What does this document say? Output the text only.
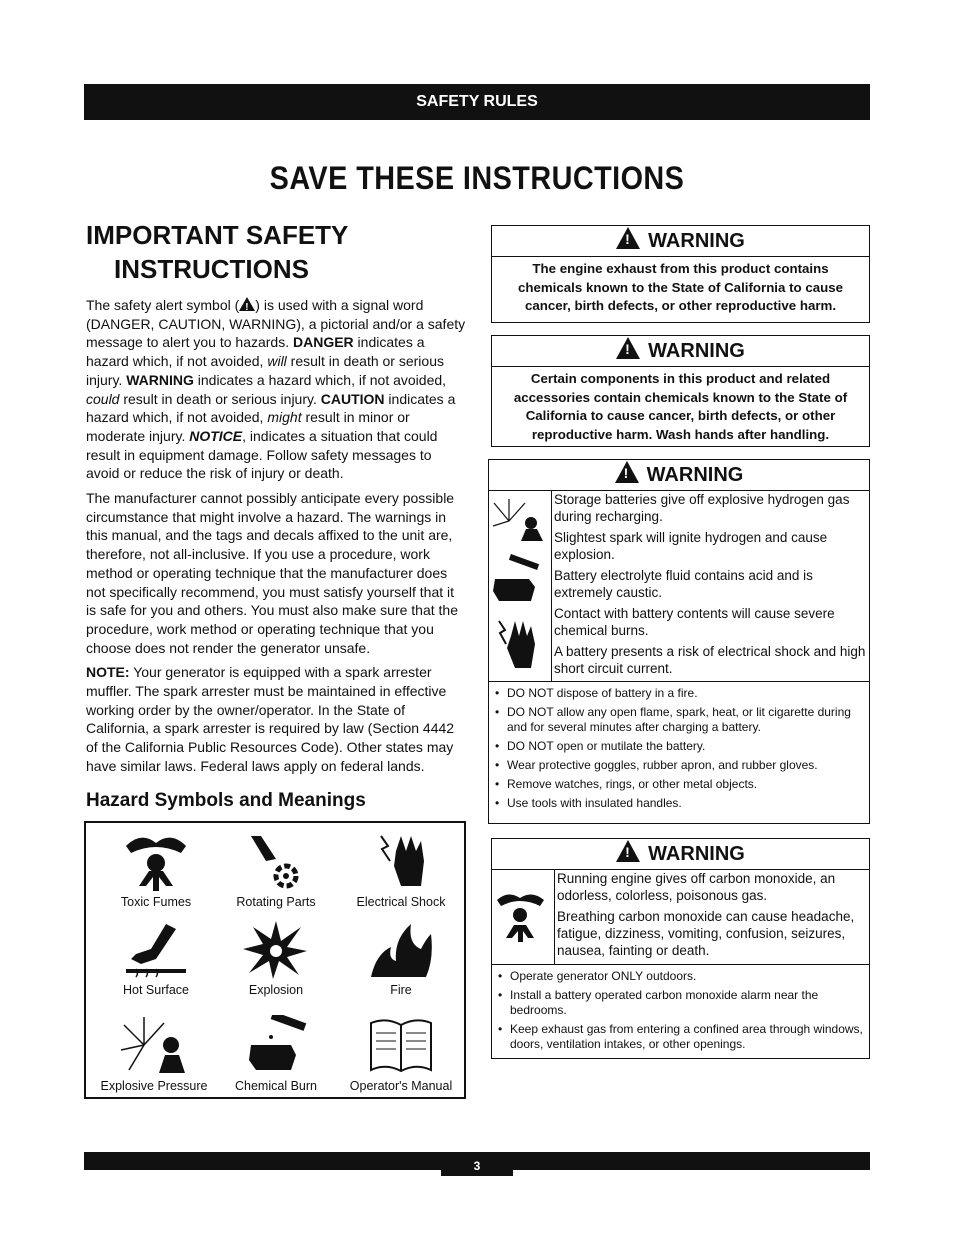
SAFETY RULES
SAVE THESE INSTRUCTIONS
IMPORTANT SAFETY
INSTRUCTIONS

The safety alert symbol (! ) is used with a signal word (DANGER, CAUTION, WARNING), a pictorial and/or a safety message to alert you to hazards. DANGER indicates a hazard which, if not avoided, will result in death or serious injury. WARNING indicates a hazard which, if not avoided, could result in death or serious injury. CAUTION indicates a hazard which, if not avoided, might result in minor or moderate injury. NOTICE, indicates a situation that could result in equipment damage. Follow safety messages to avoid or reduce the risk of injury or death.

The manufacturer cannot possibly anticipate every possible circumstance that might involve a hazard. The warnings in this manual, and the tags and decals affixed to the unit are, therefore, not all-inclusive. If you use a procedure, work method or operating technique that the manufacturer does not specifically recommend, you must satisfy yourself that it is safe for you and others. You must also make sure that the procedure, work method or operating technique that you choose does not render the generator unsafe.

NOTE: Your generator is equipped with a spark arrester muffler. The spark arrester must be maintained in effective working order by the owner/operator. In the State of California, a spark arrester is required by law (Section 4442 of the California Public Resources Code). Other states may have similar laws. Federal laws apply on federal lands.

Hazard Symbols and Meanings
Toxic Fumes	Rotating Parts	Electrical Shock
Hot Surface	Explosion	Fire
Explosive Pressure	Chemical Burn	Operator's Manual
!WARNING
The engine exhaust from this product contains chemicals known to the State of California to cause cancer, birth defects, or other reproductive harm.
!WARNING
Certain components in this product and related accessories contain chemicals known to the State of California to cause cancer, birth defects, or other reproductive harm. Wash hands after handling.
!WARNING
Storage batteries give off explosive hydrogen gas during recharging.
Slightest spark will ignite hydrogen and cause explosion.
Battery electrolyte fluid contains acid and is extremely caustic.
Contact with battery contents will cause severe chemical burns.
A battery presents a risk of electrical shock and high short circuit current.
• DO NOT dispose of battery in a fire.
• DO NOT allow any open flame, spark, heat, or lit cigarette during and for several minutes after charging a battery.
• DO NOT open or mutilate the battery.
• Wear protective goggles, rubber apron, and rubber gloves.
• Remove watches, rings, or other metal objects.
• Use tools with insulated handles.
!WARNING
Running engine gives off carbon monoxide, an odorless, colorless, poisonous gas.
Breathing carbon monoxide can cause headache, fatigue, dizziness, vomiting, confusion, seizures, nausea, fainting or death.
• Operate generator ONLY outdoors.
• Install a battery operated carbon monoxide alarm near the bedrooms.
• Keep exhaust gas from entering a confined area through windows, doors, ventilation intakes, or other openings.
3
